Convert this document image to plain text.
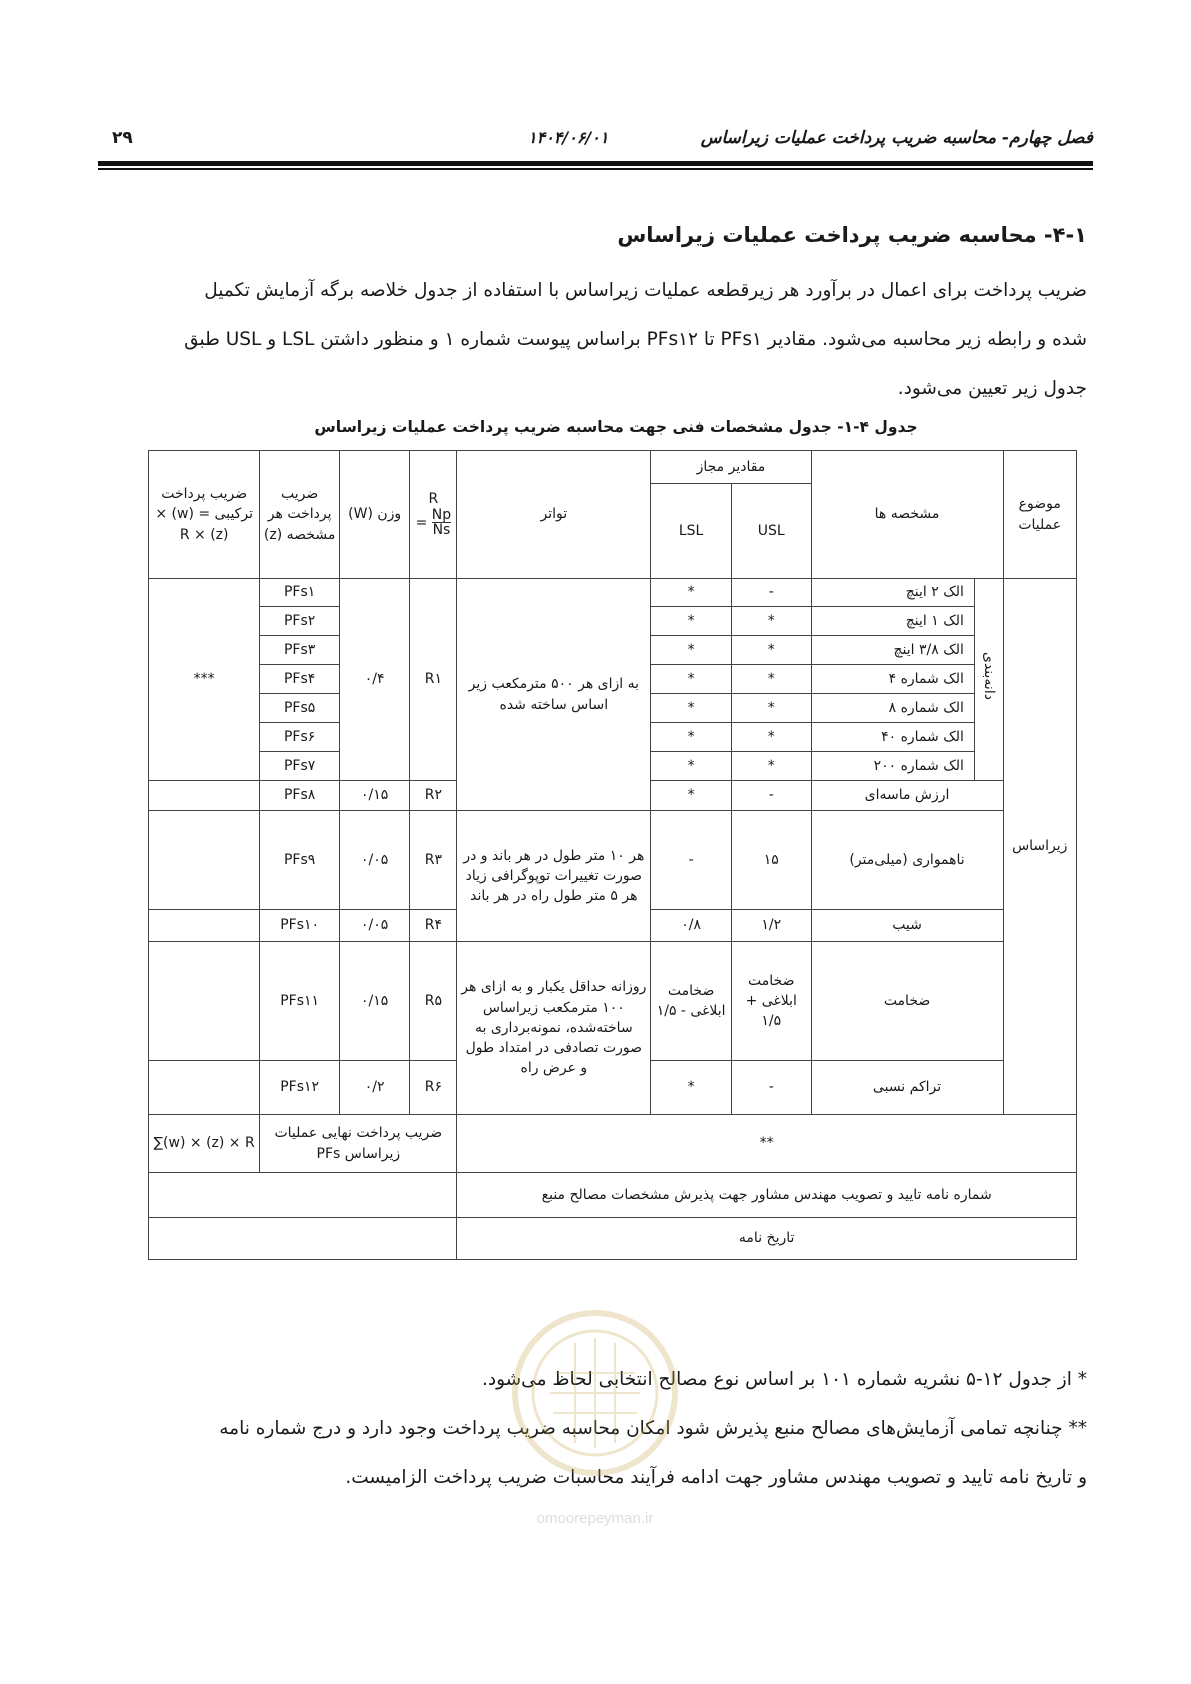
فصل چهارم- محاسبه ضریب پرداخت عملیات زیراساس
۱۴۰۴/۰۶/۰۱
۲۹
۴-۱- محاسبه ضریب پرداخت عملیات زیراساس

ضریب پرداخت برای اعمال در برآورد هر زیرقطعه عملیات زیراساس با استفاده از جدول خلاصه برگه آزمایش تکمیل

شده و رابطه زیر محاسبه می‌شود. مقادیر PFs۱ تا PFs۱۲ براساس پیوست شماره ۱ و منظور داشتن LSL و USL طبق

جدول زیر تعیین می‌شود.

جدول ۴-۱- جدول مشخصات فنی جهت محاسبه ضریب پرداخت عملیات زیراساس
موضوع عملیات	مشخصه ها		مقادیر مجاز		تواتر	R
= $\frac{Np}{Ns}$	وزن (W)	ضریب پرداخت هر مشخصه (z)	ضریب پرداخت ترکیبی = (w) × (z) × R
			USL	LSL					
زیراساس	دانه‌بندی	الک ۲ اینچ	-	*	به ازای هر ۵۰۰ مترمکعب زیر اساس ساخته شده	R۱	۰/۴	PFs۱	***
		الک ۱ اینچ	*	*				PFs۲	
		الک ۳/۸ اینچ	*	*				PFs۳	
		الک شماره ۴	*	*				PFs۴	
		الک شماره ۸	*	*				PFs۵	
		الک شماره ۴۰	*	*				PFs۶	
		الک شماره ۲۰۰	*	*				PFs۷	
	ارزش ماسه‌ای		-	*		R۲	۰/۱۵	PFs۸	
	ناهمواری (میلی‌متر)		۱۵	-	هر ۱۰ متر طول در هر باند و در صورت تغییرات توپوگرافی زیاد هر ۵ متر طول راه در هر باند	R۳	۰/۰۵	PFs۹	
	شیب		۱/۲	۰/۸		R۴	۰/۰۵	PFs۱۰	
	ضخامت		ضخامت ابلاغی + ۱/۵	ضخامت ابلاغی - ۱/۵	روزانه حداقل یکبار و به ازای هر ۱۰۰ مترمکعب زیراساس ساخته‌شده، نمونه‌برداری به صورت تصادفی در امتداد طول و عرض راه	R۵	۰/۱۵	PFs۱۱	
	تراکم نسبی		-	*		R۶	۰/۲	PFs۱۲	
**						ضریب پرداخت نهایی عملیات زیراساس PFs			∑(w) × (z) × R
شماره نامه تایید و تصویب مهندس مشاور جهت پذیرش مشخصات مصالح منبع									
تاریخ نامه									

* از جدول ۱۲-۵ نشریه شماره ۱۰۱ بر اساس نوع مصالح انتخابی لحاظ می‌شود.

** چنانچه تمامی آزمایش‌های مصالح منبع پذیرش شود امکان محاسبه ضریب پرداخت وجود دارد و درج شماره نامه

و تاریخ نامه تایید و تصویب مهندس مشاور جهت ادامه فرآیند محاسبات ضریب پرداخت الزامیست.

omoorepeyman.ir
